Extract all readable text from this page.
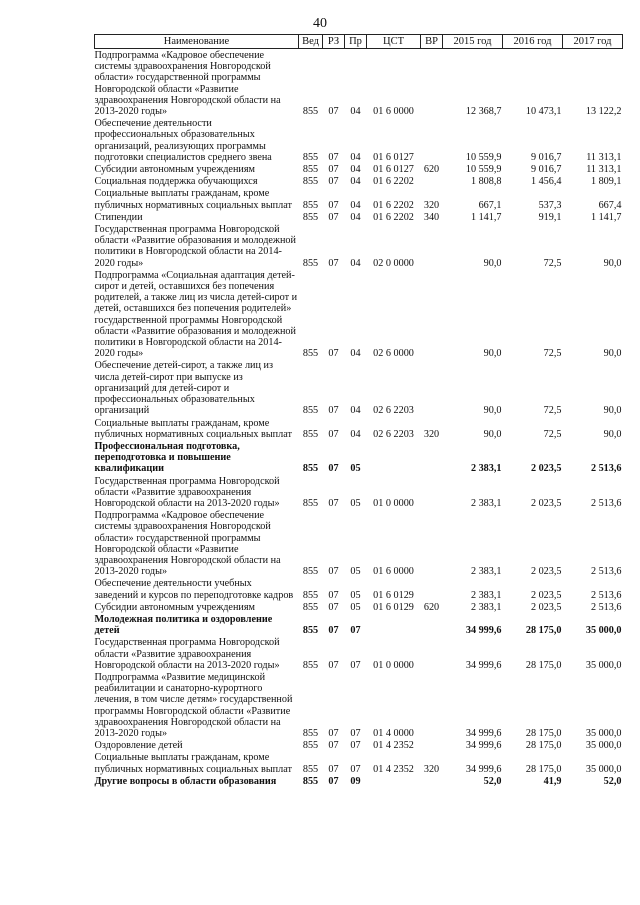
40
Наименование	Вед	РЗ	Пр	ЦСТ	ВР	2015 год	2016 год	2017 год
Подпрограмма «Кадровое обеспечение системы здравоохранения Новгородской области» государственной программы Новгородской области «Развитие здравоохранения Новгородской области на 2013-2020 годы»	855	07	04	01 6 0000		12 368,7	10 473,1	13 122,2
Обеспечение деятельности профессиональных образовательных организаций, реализующих программы подготовки специалистов среднего звена	855	07	04	01 6 0127		10 559,9	9 016,7	11 313,1
Субсидии автономным учреждениям	855	07	04	01 6 0127	620	10 559,9	9 016,7	11 313,1
Социальная поддержка обучающихся	855	07	04	01 6 2202		1 808,8	1 456,4	1 809,1
Социальные выплаты гражданам, кроме публичных нормативных социальных выплат	855	07	04	01 6 2202	320	667,1	537,3	667,4
Стипендии	855	07	04	01 6 2202	340	1 141,7	919,1	1 141,7
Государственная программа Новгородской области «Развитие образования и молодежной политики в Новгородской области на 2014-2020 годы»	855	07	04	02 0 0000		90,0	72,5	90,0
Подпрограмма «Социальная адаптация детей-сирот и детей, оставшихся без попечения родителей, а также лиц из числа детей-сирот и детей, оставшихся без попечения родителей» государственной программы Новгородской области «Развитие образования и молодежной политики в Новгородской области на 2014-2020 годы»	855	07	04	02 6 0000		90,0	72,5	90,0
Обеспечение детей-сирот, а также лиц из числа детей-сирот при выпуске из организаций для детей-сирот и профессиональных образовательных организаций	855	07	04	02 6 2203		90,0	72,5	90,0
Социальные выплаты гражданам, кроме публичных нормативных социальных выплат	855	07	04	02 6 2203	320	90,0	72,5	90,0
Профессиональная подготовка, переподготовка и повышение квалификации	855	07	05			2 383,1	2 023,5	2 513,6
Государственная программа Новгородской области «Развитие здравоохранения Новгородской области на 2013-2020 годы»	855	07	05	01 0 0000		2 383,1	2 023,5	2 513,6
Подпрограмма «Кадровое обеспечение системы здравоохранения Новгородской области» государственной программы Новгородской области «Развитие здравоохранения Новгородской области на 2013-2020 годы»	855	07	05	01 6 0000		2 383,1	2 023,5	2 513,6
Обеспечение деятельности учебных заведений и курсов по переподготовке кадров	855	07	05	01 6 0129		2 383,1	2 023,5	2 513,6
Субсидии автономным учреждениям	855	07	05	01 6 0129	620	2 383,1	2 023,5	2 513,6
Молодежная политика и оздоровление детей	855	07	07			34 999,6	28 175,0	35 000,0
Государственная программа Новгородской области «Развитие здравоохранения Новгородской области на 2013-2020 годы»	855	07	07	01 0 0000		34 999,6	28 175,0	35 000,0
Подпрограмма «Развитие медицинской реабилитации и санаторно-курортного лечения, в том числе детям» государственной программы Новгородской области «Развитие здравоохранения Новгородской области на 2013-2020 годы»	855	07	07	01 4 0000		34 999,6	28 175,0	35 000,0
Оздоровление детей	855	07	07	01 4 2352		34 999,6	28 175,0	35 000,0
Социальные выплаты гражданам, кроме публичных нормативных социальных выплат	855	07	07	01 4 2352	320	34 999,6	28 175,0	35 000,0
Другие вопросы в области образования	855	07	09			52,0	41,9	52,0
